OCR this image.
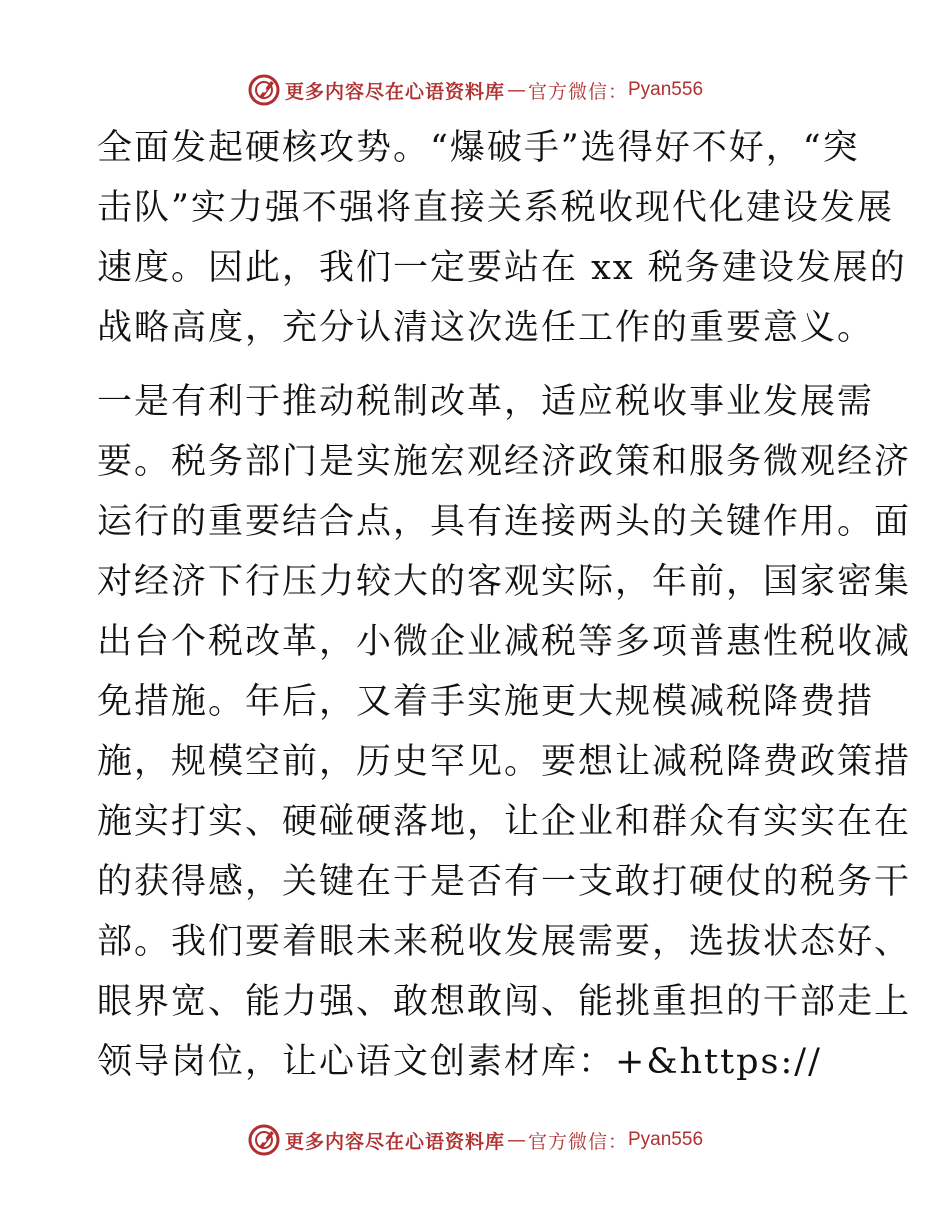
更多内容尽在心语资料库 — 官方微信： Pyan556
全面发起硬核攻势。“爆破手”选得好不好，“突
击队”实力强不强将直接关系税收现代化建设发展
速度。因此，我们一定要站在 xx 税务建设发展的
战略高度，充分认清这次选任工作的重要意义。
一是有利于推动税制改革，适应税收事业发展需
要。税务部门是实施宏观经济政策和服务微观经济
运行的重要结合点，具有连接两头的关键作用。面
对经济下行压力较大的客观实际，年前，国家密集
出台个税改革，小微企业减税等多项普惠性税收减
免措施。年后，又着手实施更大规模减税降费措
施，规模空前，历史罕见。要想让减税降费政策措
施实打实、硬碰硬落地，让企业和群众有实实在在
的获得感，关键在于是否有一支敢打硬仗的税务干
部。我们要着眼未来税收发展需要，选拔状态好、
眼界宽、能力强、敢想敢闯、能挑重担的干部走上
领导岗位，让心语文创素材库：+&https://
更多内容尽在心语资料库 — 官方微信： Pyan556
